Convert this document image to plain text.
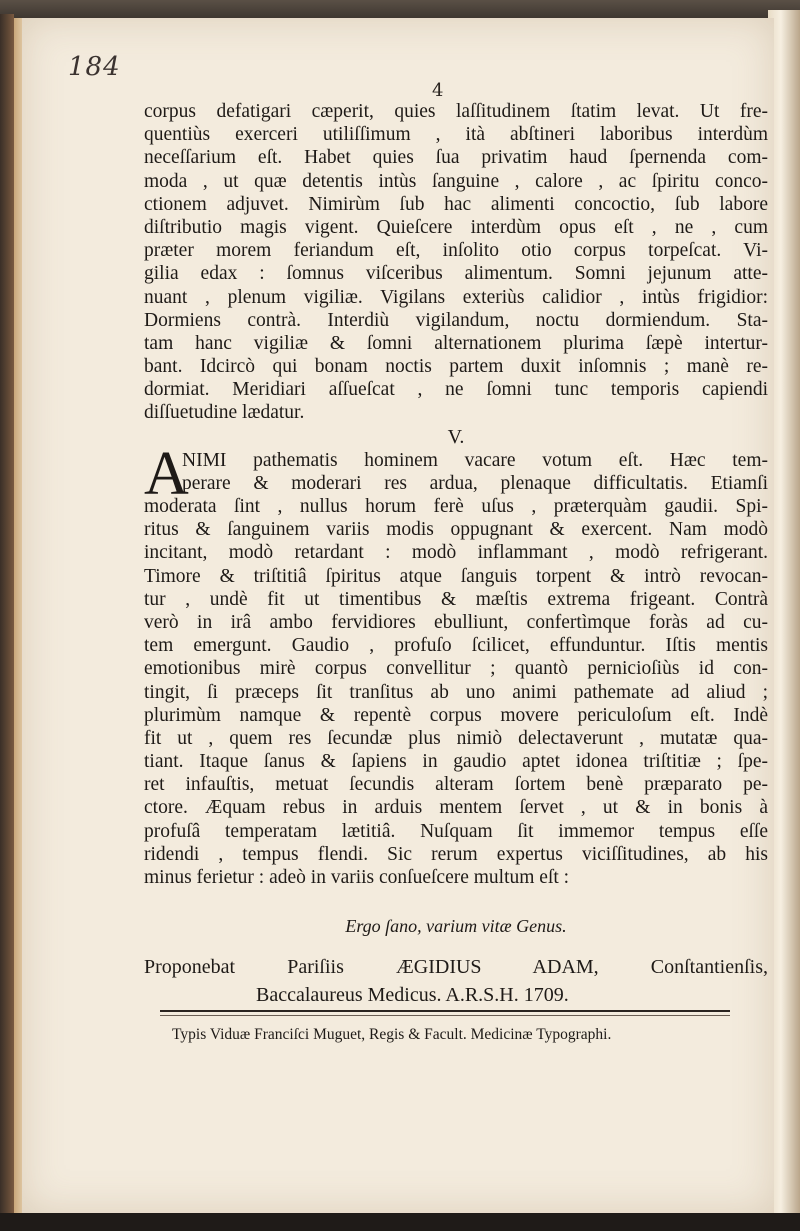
184
4
corpus defatigari cæperit, quies laſſitudinem ſtatim levat. Ut fre-
quentiùs exerceri utiliſſimum , ità abſtineri laboribus interdùm
neceſſarium eſt. Habet quies ſua privatim haud ſpernenda com-
moda , ut quæ detentis intùs ſanguine , calore , ac ſpiritu conco-
ctionem adjuvet. Nimirùm ſub hac alimenti concoctio, ſub labore
diſtributio magis vigent. Quieſcere interdùm opus eſt , ne , cum
præter morem feriandum eſt, inſolito otio corpus torpeſcat. Vi-
gilia edax : ſomnus viſceribus alimentum. Somni jejunum atte-
nuant , plenum vigiliæ. Vigilans exteriùs calidior , intùs frigidior:
Dormiens contrà. Interdiù vigilandum, noctu dormiendum. Sta-
tam hanc vigiliæ & ſomni alternationem plurima ſæpè intertur-
bant. Idcircò qui bonam noctis partem duxit inſomnis ; manè re-
dormiat. Meridiari aſſueſcat , ne ſomni tunc temporis capiendi
diſſuetudine lædatur.
V.
A
NIMI pathematis hominem vacare votum eſt. Hæc tem-
perare & moderari res ardua, plenaque difficultatis. Etiamſi
moderata ſint , nullus horum ferè uſus , præterquàm gaudii. Spi-
ritus & ſanguinem variis modis oppugnant & exercent. Nam modò
incitant, modò retardant : modò inflammant , modò refrigerant.
Timore & triſtitiâ ſpiritus atque ſanguis torpent & intrò revocan-
tur , undè fit ut timentibus & mæſtis extrema frigeant. Contrà
verò in irâ ambo fervidiores ebulliunt, confertìmque foràs ad cu-
tem emergunt. Gaudio , profuſo ſcilicet, effunduntur. Iſtis mentis
emotionibus mirè corpus convellitur ; quantò pernicioſiùs id con-
tingit, ſi præceps ſit tranſitus ab uno animi pathemate ad aliud ;
plurimùm namque & repentè corpus movere periculoſum eſt. Indè
fit ut , quem res ſecundæ plus nimiò delectaverunt , mutatæ qua-
tiant. Itaque ſanus & ſapiens in gaudio aptet idonea triſtitiæ ; ſpe-
ret infauſtis, metuat ſecundis alteram ſortem benè præparato pe-
ctore. Æquam rebus in arduis mentem ſervet , ut & in bonis à
profuſâ temperatam lætitiâ. Nuſquam ſit immemor tempus eſſe
ridendi , tempus flendi. Sic rerum expertus viciſſitudines, ab his
minus ferietur : adeò in variis conſueſcere multum eſt :
Ergo ſano, varium vitæ Genus.
Proponebat Pariſiis ÆGIDIUS ADAM, Conſtantienſis,
Baccalaureus Medicus. A.R.S.H. 1709.
Typis Viduæ Franciſci Muguet, Regis & Facult. Medicinæ Typographi.
